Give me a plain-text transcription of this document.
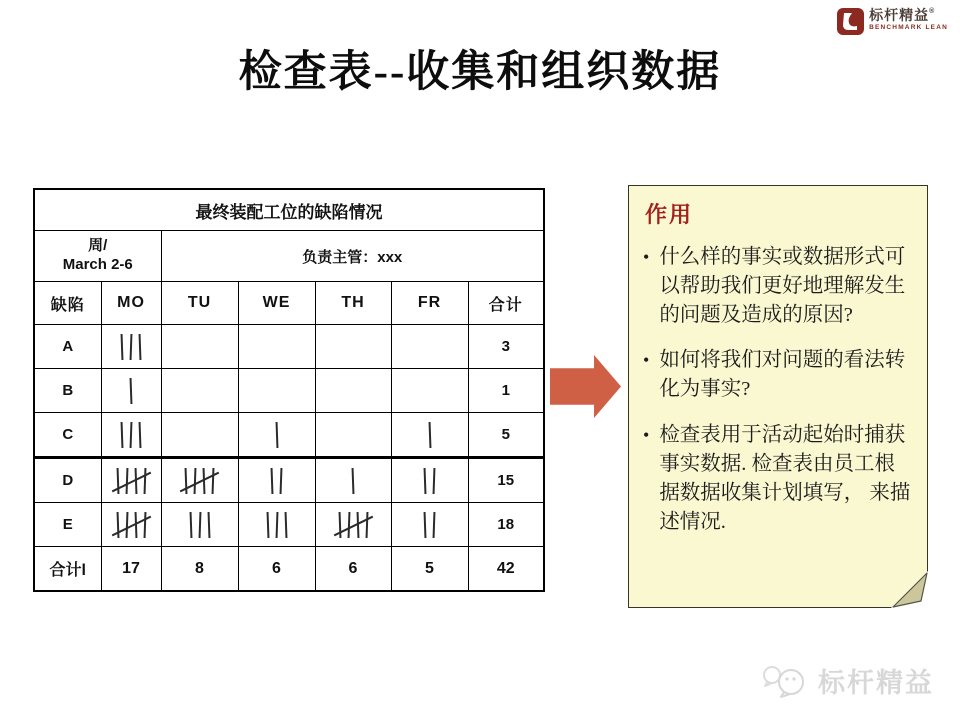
标杆精益®
BENCHMARK LEAN
检查表--收集和组织数据
最终装配工位的缺陷情况						

周/
March 2-6		负责主管：xxx				
缺陷	MO	TU	WE	TH	FR	合计
A						3
B						1
C						5
D						15
E						18
合计l	17	8	6	6	5	42
作用
• 什么样的事实或数据形式可以帮助我们更好地理解发生的问题及造成的原因?
• 如何将我们对问题的看法转化为事实?
• 检查表用于活动起始时捕获事实数据. 检查表由员工根据数据收集计划填写， 来描述情况.
标杆精益
